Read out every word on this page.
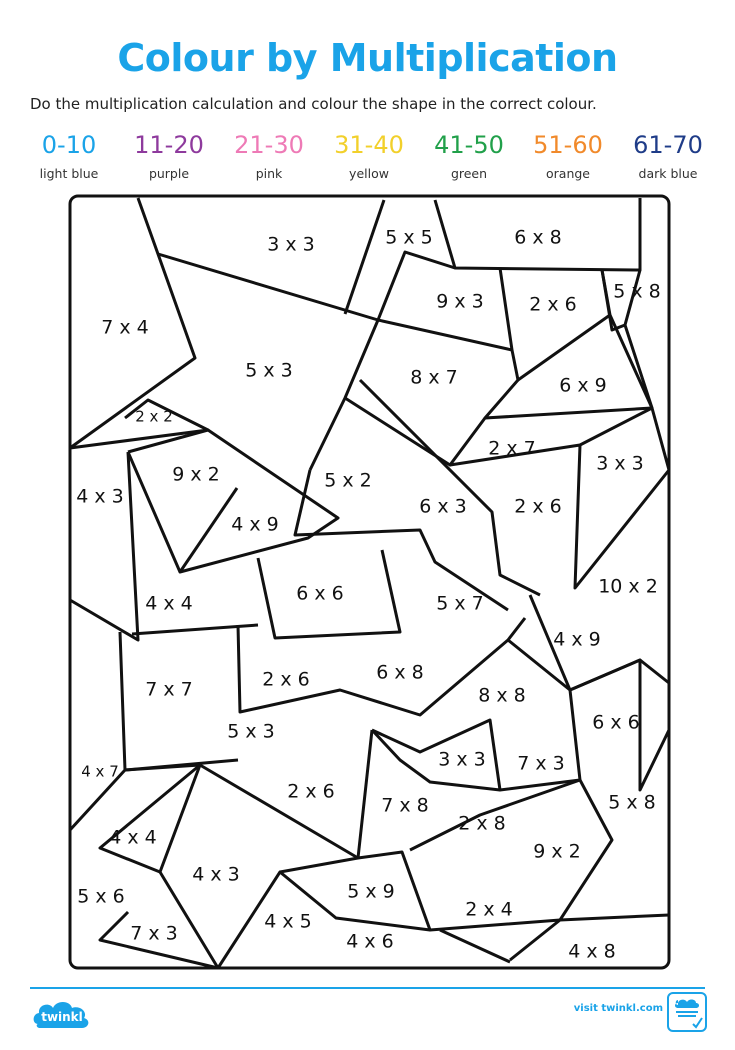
Colour by Multiplication
Do the multiplication calculation and colour the shape in the correct colour.
0-10
light blue
11-20
purple
21-30
pink
31-40
yellow
41-50
green
51-60
orange
61-70
dark blue
3 x 3	5 x 5	6 x 8
9 x 3 2 x 6
5 x 8
7 x 4
5 x 3	8 x 7	6 x 9
2 x 2
2 x 7
3 x 3
9 x 2
4 x 3
5 x 2
6 x 3	2 x 6
4 x 9
10 x 2
6 x 6
4 x 4	5 x 7
4 x 9
7 x 7	2 x 6	6 x 8
8 x 8
6 x 6
5 x 3
3 x 3 7 x 3
4 x 7
2 x 6
7 x 8	5 x 8
4 x 4
2 x 8
9 x 2
4 x 3
5 x 9
5 x 6
2 x 4
4 x 5
7 x 3	4 x 6	4 x 8
twinkl
visit twinkl.com
